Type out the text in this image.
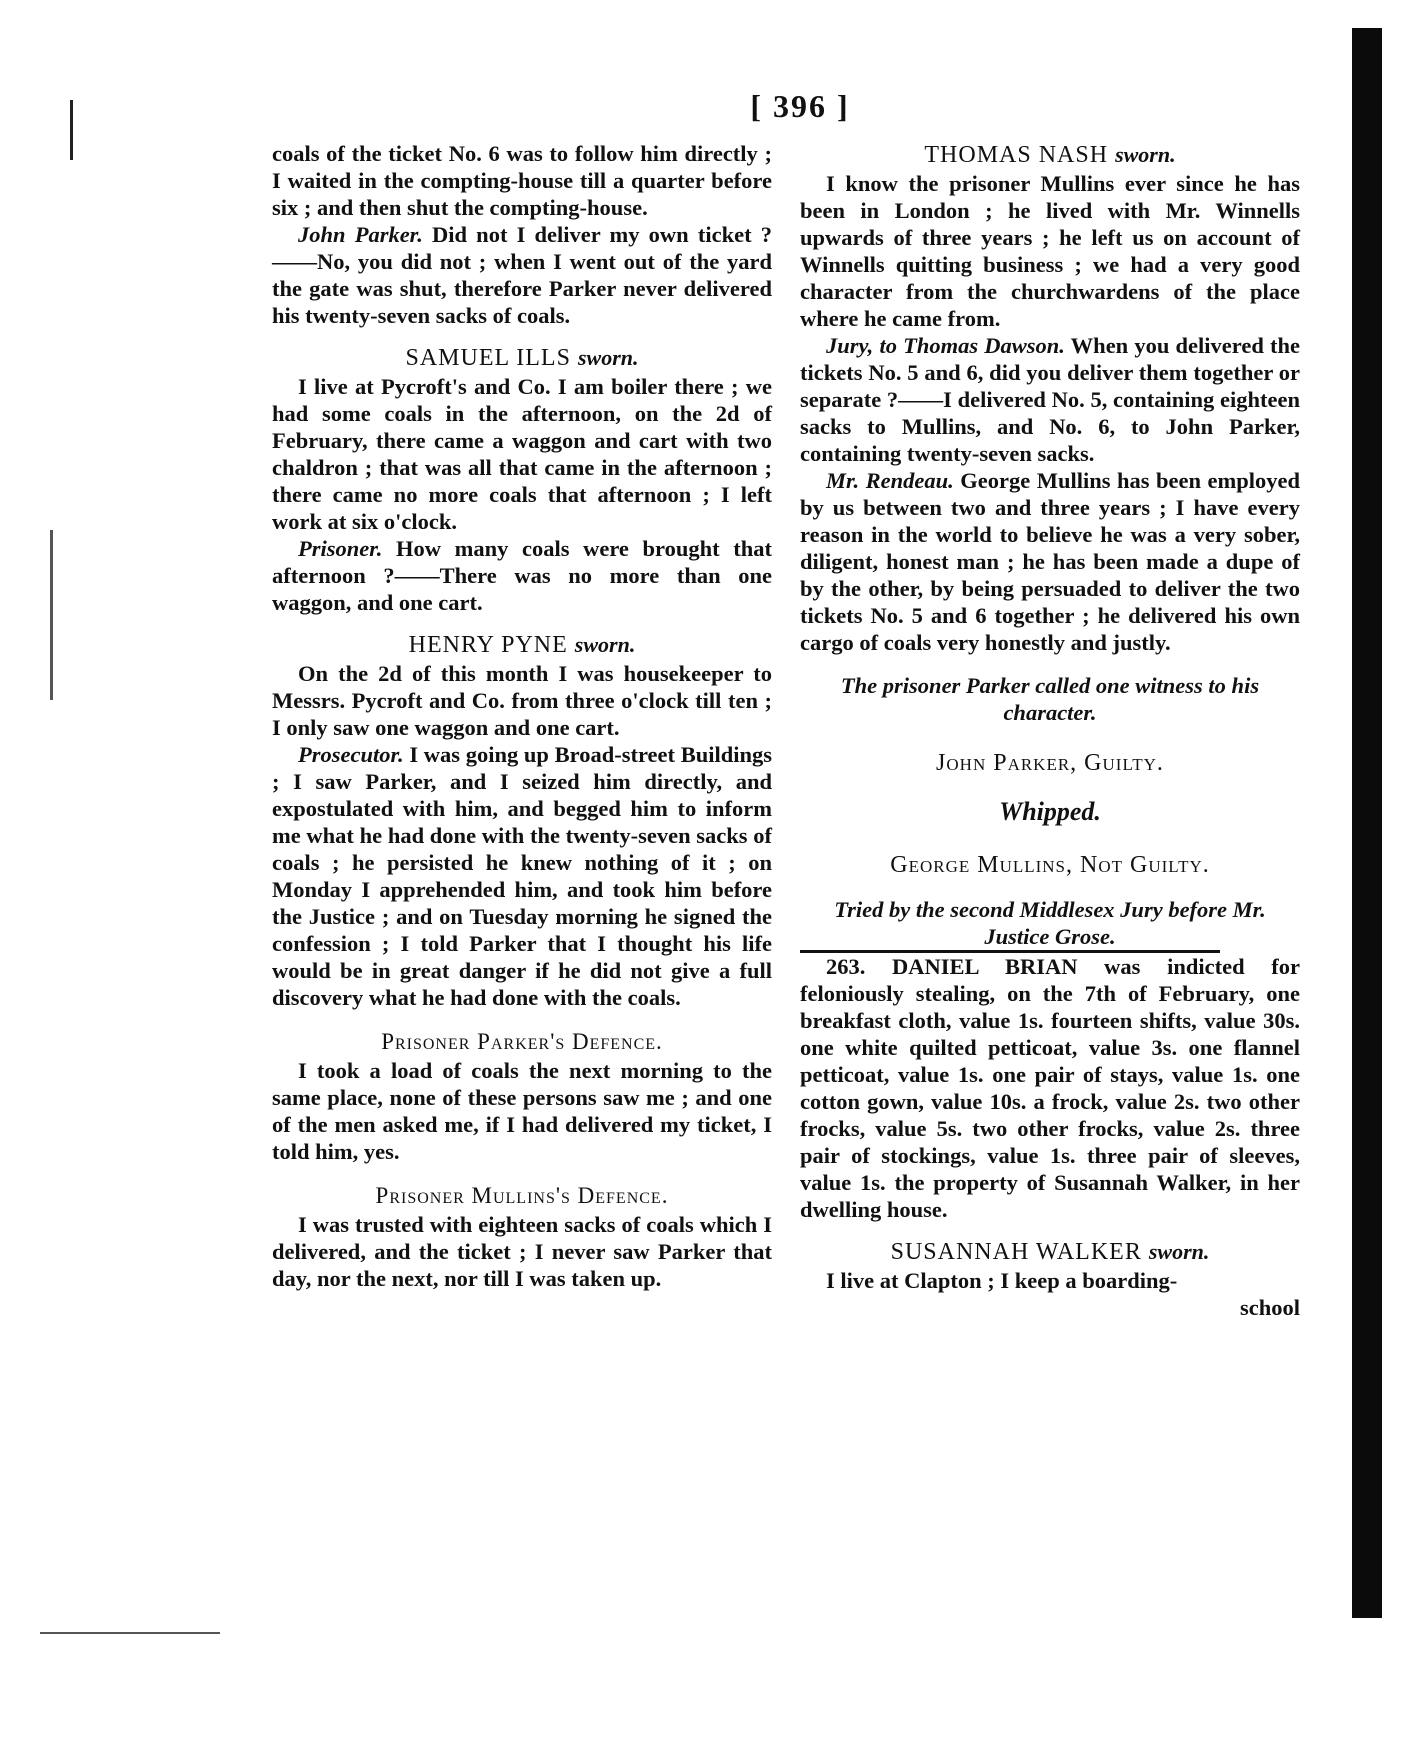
[ 396 ]

coals of the ticket No. 6 was to follow him directly ; I waited in the compting-house till a quarter before six ; and then shut the compting-house.

John Parker. Did not I deliver my own ticket ?——No, you did not ; when I went out of the yard the gate was shut, therefore Parker never delivered his twenty-seven sacks of coals.

SAMUEL ILLS sworn.

I live at Pycroft's and Co. I am boiler there ; we had some coals in the afternoon, on the 2d of February, there came a waggon and cart with two chaldron ; that was all that came in the afternoon ; there came no more coals that afternoon ; I left work at six o'clock.

Prisoner. How many coals were brought that afternoon ?——There was no more than one waggon, and one cart.

HENRY PYNE sworn.

On the 2d of this month I was housekeeper to Messrs. Pycroft and Co. from three o'clock till ten ; I only saw one waggon and one cart.

Prosecutor. I was going up Broad-street Buildings ; I saw Parker, and I seized him directly, and expostulated with him, and begged him to inform me what he had done with the twenty-seven sacks of coals ; he persisted he knew nothing of it ; on Monday I apprehended him, and took him before the Justice ; and on Tuesday morning he signed the confession ; I told Parker that I thought his life would be in great danger if he did not give a full discovery what he had done with the coals.

Prisoner Parker's Defence.

I took a load of coals the next morning to the same place, none of these persons saw me ; and one of the men asked me, if I had delivered my ticket, I told him, yes.

Prisoner Mullins's Defence.

I was trusted with eighteen sacks of coals which I delivered, and the ticket ; I never saw Parker that day, nor the next, nor till I was taken up.

THOMAS NASH sworn.

I know the prisoner Mullins ever since he has been in London ; he lived with Mr. Winnells upwards of three years ; he left us on account of Winnells quitting business ; we had a very good character from the churchwardens of the place where he came from.

Jury, to Thomas Dawson. When you delivered the tickets No. 5 and 6, did you deliver them together or separate ?——I delivered No. 5, containing eighteen sacks to Mullins, and No. 6, to John Parker, containing twenty-seven sacks.

Mr. Rendeau. George Mullins has been employed by us between two and three years ; I have every reason in the world to believe he was a very sober, diligent, honest man ; he has been made a dupe of by the other, by being persuaded to deliver the two tickets No. 5 and 6 together ; he delivered his own cargo of coals very honestly and justly.

The prisoner Parker called one witness to his character.

John Parker, Guilty.
Whipped.
George Mullins, Not Guilty.

Tried by the second Middlesex Jury before Mr. Justice Grose.

263. DANIEL BRIAN was indicted for feloniously stealing, on the 7th of February, one breakfast cloth, value 1s. fourteen shifts, value 30s. one white quilted petticoat, value 3s. one flannel petticoat, value 1s. one pair of stays, value 1s. one cotton gown, value 10s. a frock, value 2s. two other frocks, value 5s. two other frocks, value 2s. three pair of stockings, value 1s. three pair of sleeves, value 1s. the property of Susannah Walker, in her dwelling house.

SUSANNAH WALKER sworn.

I live at Clapton ; I keep a boarding-

school
